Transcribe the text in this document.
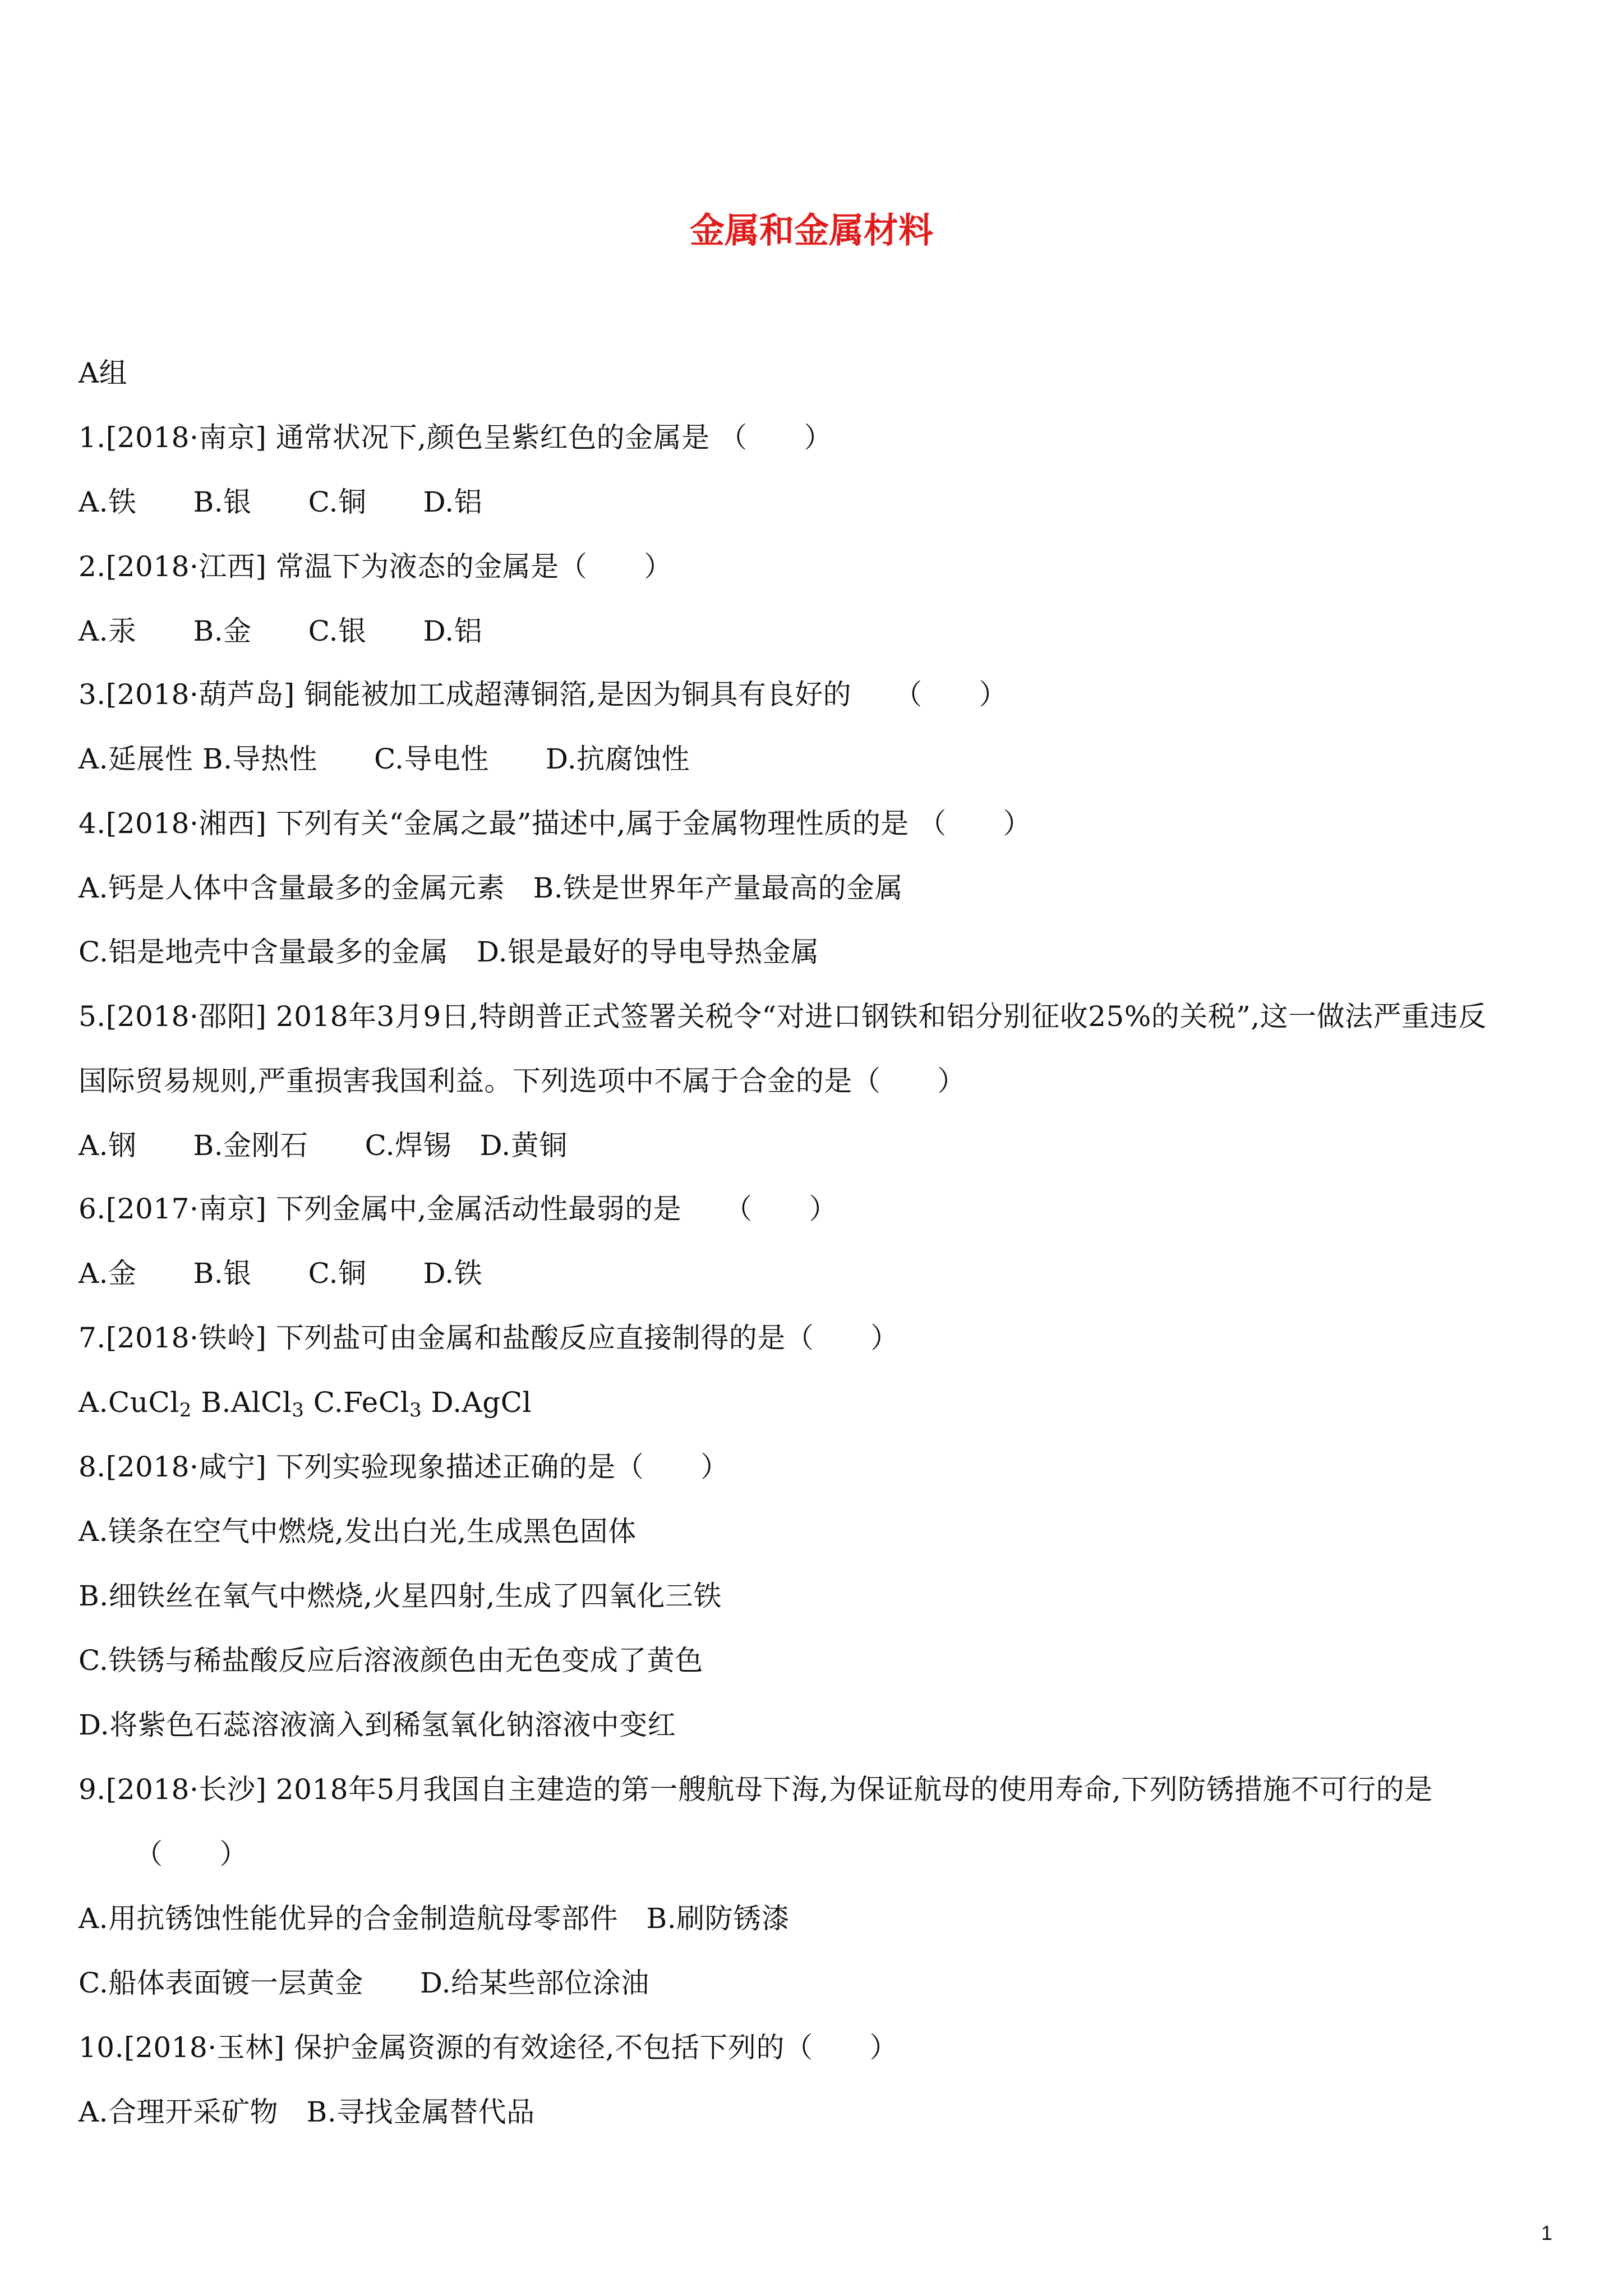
金属和金属材料
A组
1.[2018·南京] 通常状况下,颜色呈紫红色的金属是 （　　）
A.铁　　B.银　　C.铜　　D.铝
2.[2018·江西] 常温下为液态的金属是（　　）
A.汞　　B.金　　C.银　　D.铝
3.[2018·葫芦岛] 铜能被加工成超薄铜箔,是因为铜具有良好的　　（　　）
A.延展性 B.导热性　　C.导电性　　D.抗腐蚀性
4.[2018·湘西] 下列有关“金属之最”描述中,属于金属物理性质的是 （　　）
A.钙是人体中含量最多的金属元素　B.铁是世界年产量最高的金属
C.铝是地壳中含量最多的金属　D.银是最好的导电导热金属
5.[2018·邵阳] 2018年3月9日,特朗普正式签署关税令“对进口钢铁和铝分别征收25%的关税”,这一做法严重违反
国际贸易规则,严重损害我国利益。下列选项中不属于合金的是（　　）
A.钢　　B.金刚石　　C.焊锡　D.黄铜
6.[2017·南京] 下列金属中,金属活动性最弱的是　　（　　）
A.金　　B.银　　C.铜　　D.铁
7.[2018·铁岭] 下列盐可由金属和盐酸反应直接制得的是（　　）
A.CuCl$_2$ B.AlCl$_3$ C.FeCl$_3$ D.AgCl
8.[2018·咸宁] 下列实验现象描述正确的是（　　）
A.镁条在空气中燃烧,发出白光,生成黑色固体
B.细铁丝在氧气中燃烧,火星四射,生成了四氧化三铁
C.铁锈与稀盐酸反应后溶液颜色由无色变成了黄色
D.将紫色石蕊溶液滴入到稀氢氧化钠溶液中变红
9.[2018·长沙] 2018年5月我国自主建造的第一艘航母下海,为保证航母的使用寿命,下列防锈措施不可行的是
（　　）
A.用抗锈蚀性能优异的合金制造航母零部件　B.刷防锈漆
C.船体表面镀一层黄金　　D.给某些部位涂油
10.[2018·玉林] 保护金属资源的有效途径,不包括下列的（　　）
A.合理开采矿物　B.寻找金属替代品
1
